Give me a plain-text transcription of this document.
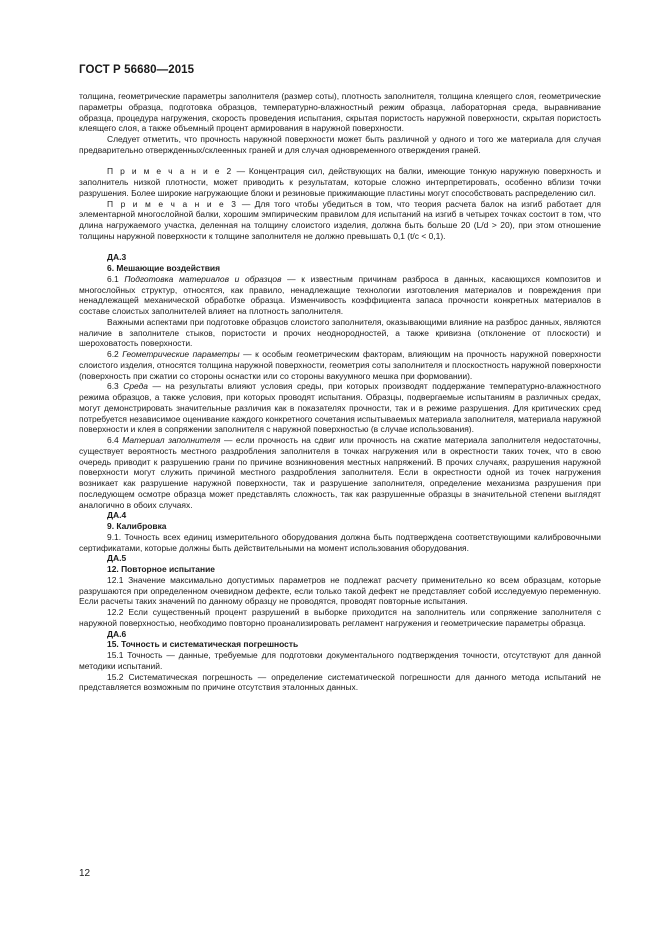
ГОСТ Р 56680—2015

толщина, геометрические параметры заполнителя (размер соты), плотность заполнителя, толщина клеящего слоя, геометрические параметры образца, подготовка образцов, температурно-влажностный режим образца, лабораторная среда, выравнивание образца, процедура нагружения, скорость проведения испытания, скрытая пористость наружной поверхности, скрытая пористость клеящего слоя, а также объемный процент армирования в наружной поверхности.

Следует отметить, что прочность наружной поверхности может быть различной у одного и того же материала для случая предварительно отвержденных/склеенных граней и для случая одновременного отверждения граней.

П р и м е ч а н и е 2 — Концентрация сил, действующих на балки, имеющие тонкую наружную поверхность и заполнитель низкой плотности, может приводить к результатам, которые сложно интерпретировать, особенно вблизи точки разрушения. Более широкие нагружающие блоки и резиновые прижимающие пластины могут способствовать распределению сил.

П р и м е ч а н и е 3 — Для того чтобы убедиться в том, что теория расчета балок на изгиб работает для элементарной многослойной балки, хорошим эмпирическим правилом для испытаний на изгиб в четырех точках состоит в том, что длина нагружаемого участка, деленная на толщину слоистого изделия, должна быть больше 20 (L/d > 20), при этом отношение толщины наружной поверхности к толщине заполнителя не должно превышать 0,1 (t/c < 0,1).

ДА.3

6. Мешающие воздействия

6.1 Подготовка материалов и образцов — к известным причинам разброса в данных, касающихся композитов и многослойных структур, относятся, как правило, ненадлежащие технологии изготовления материалов и повреждения при ненадлежащей механической обработке образца. Изменчивость коэффициента запаса прочности конкретных материалов в составе слоистых заполнителей влияет на плотность заполнителя.

Важными аспектами при подготовке образцов слоистого заполнителя, оказывающими влияние на разброс данных, являются наличие в заполнителе стыков, пористости и прочих неоднородностей, а также кривизна (отклонение от плоскости) и шероховатость поверхности.

6.2 Геометрические параметры — к особым геометрическим факторам, влияющим на прочность наружной поверхности слоистого изделия, относятся толщина наружной поверхности, геометрия соты заполнителя и плоскостность наружной поверхности (поверхность при сжатии со стороны оснастки или со стороны вакуумного мешка при формовании).

6.3 Среда — на результаты влияют условия среды, при которых производят поддержание температурно-влажностного режима образцов, а также условия, при которых проводят испытания. Образцы, подвергаемые испытаниям в различных средах, могут демонстрировать значительные различия как в показателях прочности, так и в режиме разрушения. Для критических сред потребуется независимое оценивание каждого конкретного сочетания испытываемых материала заполнителя, материала наружной поверхности и клея в сопряжении заполнителя с наружной поверхностью (в случае использования).

6.4 Материал заполнителя — если прочность на сдвиг или прочность на сжатие материала заполнителя недостаточны, существует вероятность местного раздробления заполнителя в точках нагружения или в окрестности таких точек, что в свою очередь приводит к разрушению грани по причине возникновения местных напряжений. В прочих случаях, разрушения наружной поверхности могут служить причиной местного раздробления заполнителя. Если в окрестности одной из точек нагружения возникает как разрушение наружной поверхности, так и разрушение заполнителя, определение механизма разрушения при последующем осмотре образца может представлять сложность, так как разрушенные образцы в значительной степени выглядят аналогично в обоих случаях.

ДА.4

9. Калибровка

9.1. Точность всех единиц измерительного оборудования должна быть подтверждена соответствующими калибровочными сертификатами, которые должны быть действительными на момент использования оборудования.

ДА.5

12. Повторное испытание

12.1 Значение максимально допустимых параметров не подлежат расчету применительно ко всем образцам, которые разрушаются при определенном очевидном дефекте, если только такой дефект не представляет собой исследуемую переменную. Если расчеты таких значений по данному образцу не проводятся, проводят повторные испытания.

12.2 Если существенный процент разрушений в выборке приходится на заполнитель или сопряжение заполнителя с наружной поверхностью, необходимо повторно проанализировать регламент нагружения и геометрические параметры образца.

ДА.6

15. Точность и систематическая погрешность

15.1 Точность — данные, требуемые для подготовки документального подтверждения точности, отсутствуют для данной методики испытаний.

15.2 Систематическая погрешность — определение систематической погрешности для данного метода испытаний не представляется возможным по причине отсутствия эталонных данных.

12
